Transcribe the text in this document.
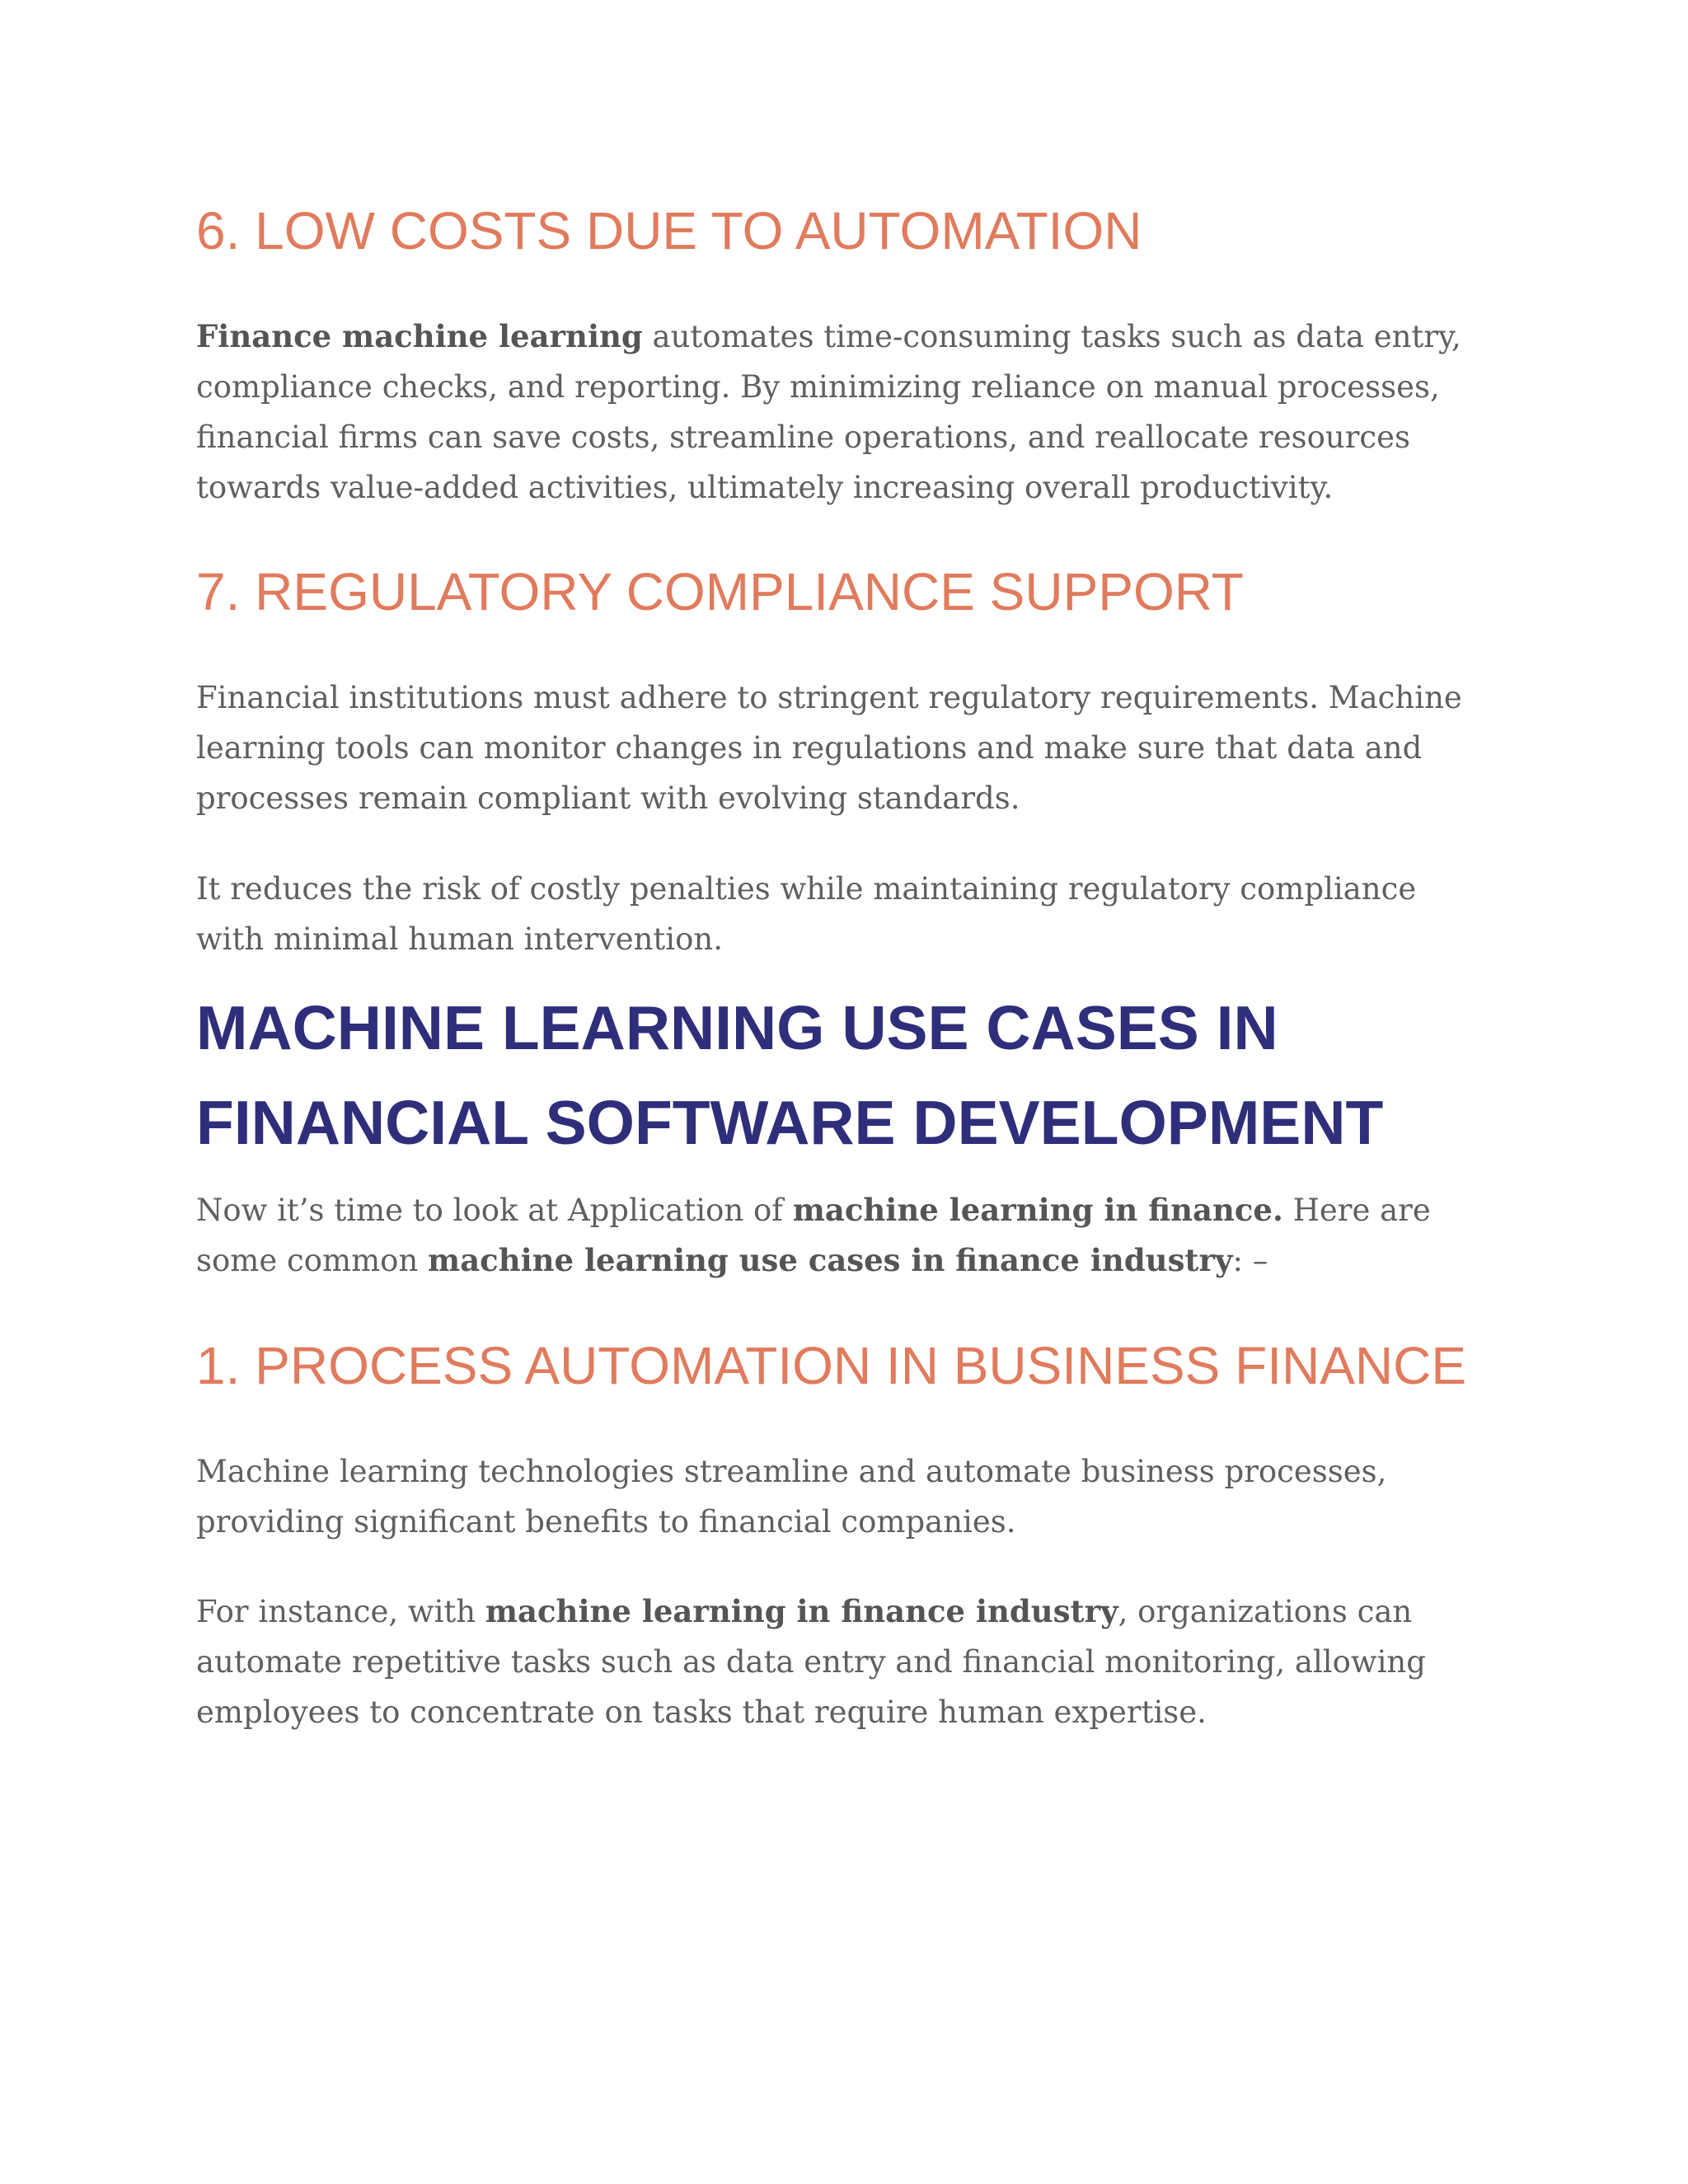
6. LOW COSTS DUE TO AUTOMATION

Finance machine learning automates time-consuming tasks such as data entry,
compliance checks, and reporting. By minimizing reliance on manual processes,
financial firms can save costs, streamline operations, and reallocate resources
towards value-added activities, ultimately increasing overall productivity.

7. REGULATORY COMPLIANCE SUPPORT

Financial institutions must adhere to stringent regulatory requirements. Machine
learning tools can monitor changes in regulations and make sure that data and
processes remain compliant with evolving standards.

It reduces the risk of costly penalties while maintaining regulatory compliance
with minimal human intervention.

MACHINE LEARNING USE CASES IN
FINANCIAL SOFTWARE DEVELOPMENT

Now it’s time to look at Application of machine learning in finance. Here are
some common machine learning use cases in finance industry: –

1. PROCESS AUTOMATION IN BUSINESS FINANCE

Machine learning technologies streamline and automate business processes,
providing significant benefits to financial companies.

For instance, with machine learning in finance industry, organizations can
automate repetitive tasks such as data entry and financial monitoring, allowing
employees to concentrate on tasks that require human expertise.
